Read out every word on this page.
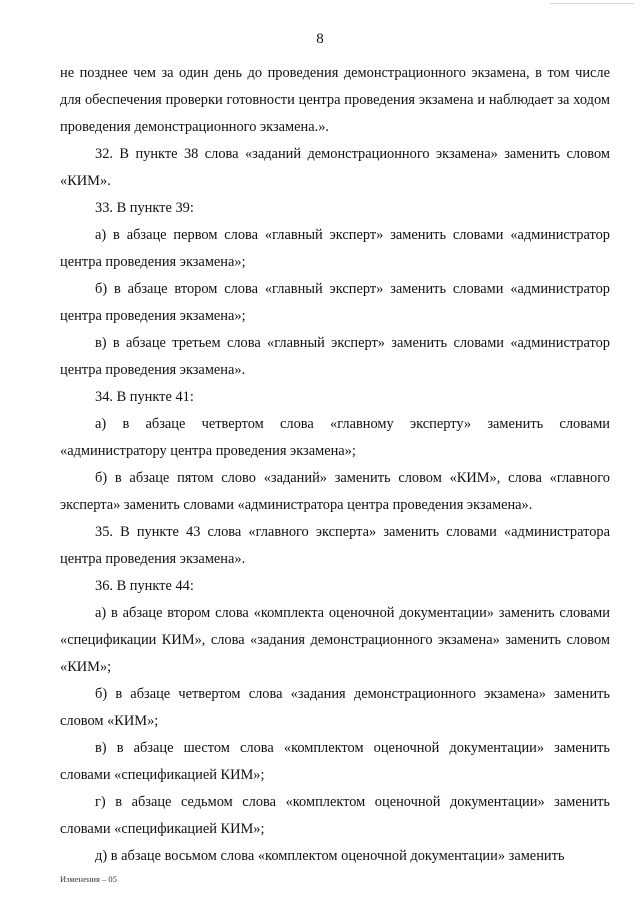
8

не позднее чем за один день до проведения демонстрационного экзамена, в том числе для обеспечения проверки готовности центра проведения экзамена и наблюдает за ходом проведения демонстрационного экзамена.».

32. В пункте 38 слова «заданий демонстрационного экзамена» заменить словом «КИМ».

33. В пункте 39:

а) в абзаце первом слова «главный эксперт» заменить словами «администратор центра проведения экзамена»;

б) в абзаце втором слова «главный эксперт» заменить словами «администратор центра проведения экзамена»;

в) в абзаце третьем слова «главный эксперт» заменить словами «администратор центра проведения экзамена».

34. В пункте 41:

а) в абзаце четвертом слова «главному эксперту» заменить словами «администратору центра проведения экзамена»;

б) в абзаце пятом слово «заданий» заменить словом «КИМ», слова «главного эксперта» заменить словами «администратора центра проведения экзамена».

35. В пункте 43 слова «главного эксперта» заменить словами «администратора центра проведения экзамена».

36. В пункте 44:

а) в абзаце втором слова «комплекта оценочной документации» заменить словами «спецификации КИМ», слова «задания демонстрационного экзамена» заменить словом «КИМ»;

б) в абзаце четвертом слова «задания демонстрационного экзамена» заменить словом «КИМ»;

в) в абзаце шестом слова «комплектом оценочной документации» заменить словами «спецификацией КИМ»;

г) в абзаце седьмом слова «комплектом оценочной документации» заменить словами «спецификацией КИМ»;

д) в абзаце восьмом слова «комплектом оценочной документации» заменить

Изменения – 05
